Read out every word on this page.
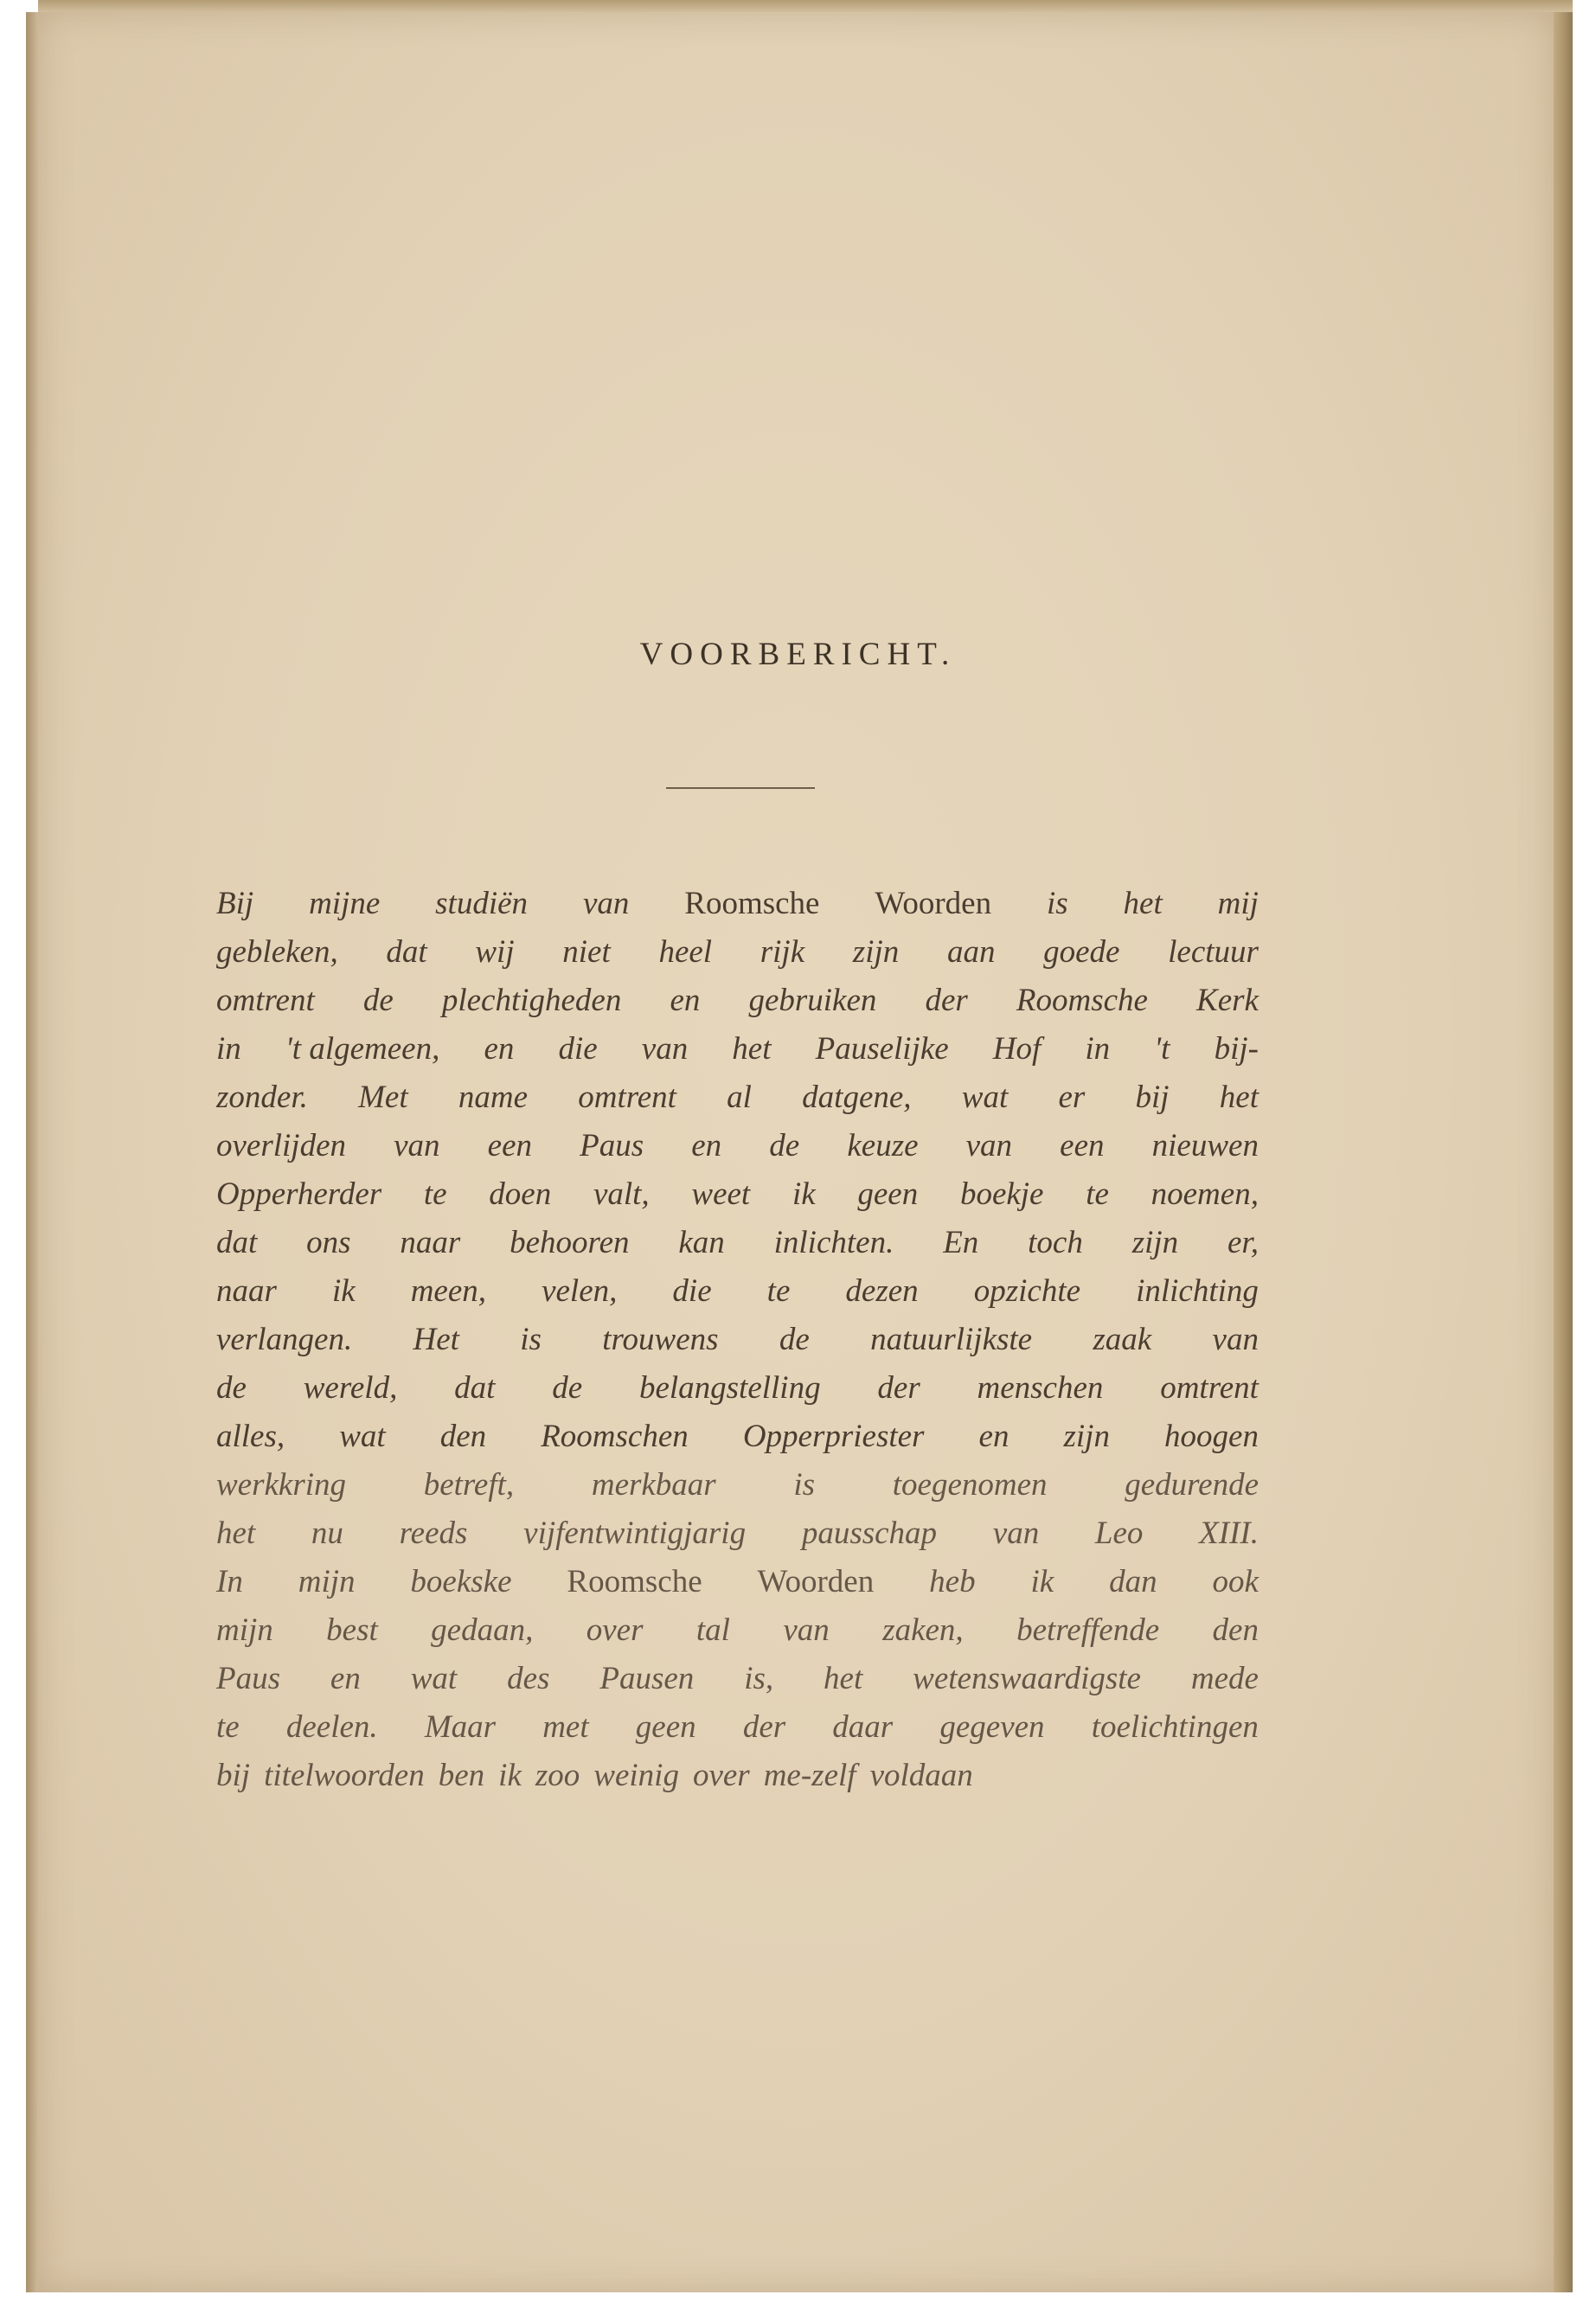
VOORBERICHT.
Bij mijne studiën van Roomsche Woorden is het mij
gebleken, dat wij niet heel rijk zijn aan goede lectuur
omtrent de plechtigheden en gebruiken der Roomsche Kerk
in 't algemeen, en die van het Pauselijke Hof in 't bij-
zonder. Met name omtrent al datgene, wat er bij het
overlijden van een Paus en de keuze van een nieuwen
Opperherder te doen valt, weet ik geen boekje te noemen,
dat ons naar behooren kan inlichten. En toch zijn er,
naar ik meen, velen, die te dezen opzichte inlichting
verlangen. Het is trouwens de natuurlijkste zaak van
de wereld, dat de belangstelling der menschen omtrent
alles, wat den Roomschen Opperpriester en zijn hoogen
werkkring betreft, merkbaar is toegenomen gedurende
het nu reeds vijfentwintigjarig pausschap van Leo XIII.
In mijn boekske Roomsche Woorden heb ik dan ook
mijn best gedaan, over tal van zaken, betreffende den
Paus en wat des Pausen is, het wetenswaardigste mede
te deelen. Maar met geen der daar gegeven toelichtingen
bij titelwoorden ben ik zoo weinig over me-zelf voldaan
